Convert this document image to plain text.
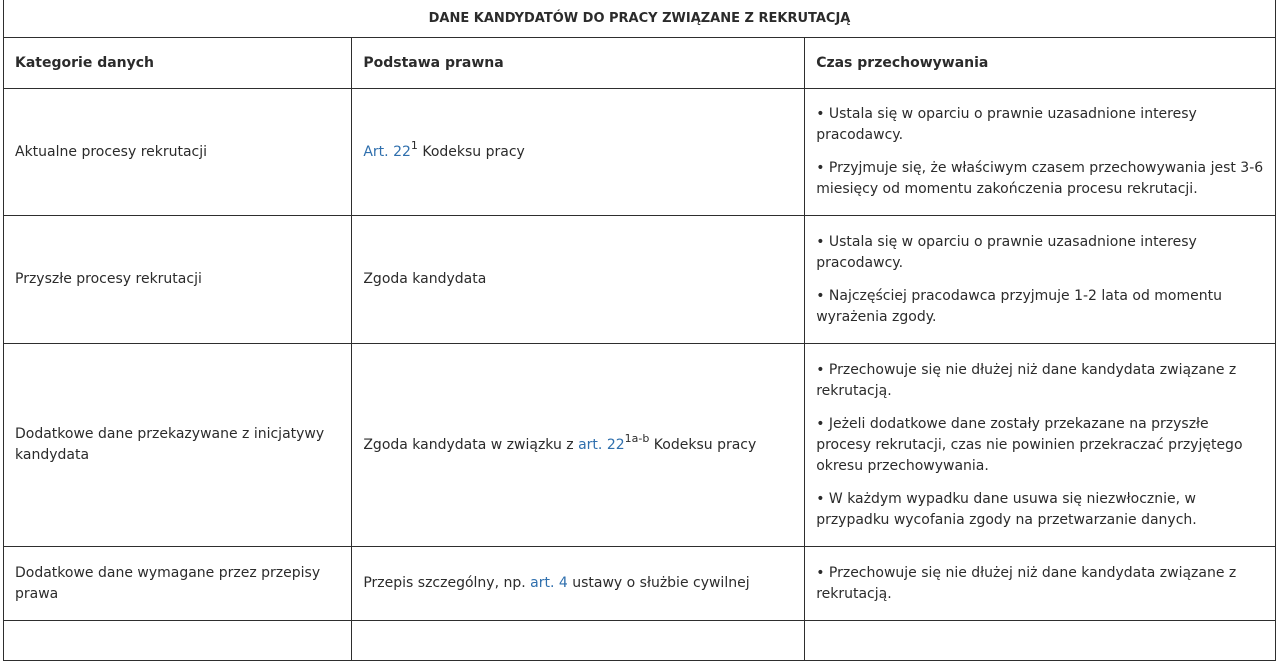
DANE KANDYDATÓW DO PRACY ZWIĄZANE Z REKRUTACJĄ		
Kategorie danych	Podstawa prawna	Czas przechowywania
Aktualne procesy rekrutacji	Art. $22^1$ Kodeksu pracy	• Ustala się w oparciu o prawnie uzasadnione interesy pracodawcy.

• Przyjmuje się, że właściwym czasem przechowywania jest 3-6 miesięcy od momentu zakończenia procesu rekrutacji.

Przyszłe procesy rekrutacji	Zgoda kandydata	• Ustala się w oparciu o prawnie uzasadnione interesy pracodawcy.

• Najczęściej pracodawca przyjmuje 1-2 lata od momentu wyrażenia zgody.

Dodatkowe dane przekazywane z inicjatywy kandydata	Zgoda kandydata w związku z art. $22^{1a-b}$ Kodeksu pracy	• Przechowuje się nie dłużej niż dane kandydata związane z rekrutacją.

• Jeżeli dodatkowe dane zostały przekazane na przyszłe procesy rekrutacji, czas nie powinien przekraczać przyjętego okresu przechowywania.

• W każdym wypadku dane usuwa się niezwłocznie, w przypadku wycofania zgody na przetwarzanie danych.

Dodatkowe dane wymagane przez przepisy prawa	Przepis szczególny, np. art. 4 ustawy o służbie cywilnej	• Przechowuje się nie dłużej niż dane kandydata związane z rekrutacją.
